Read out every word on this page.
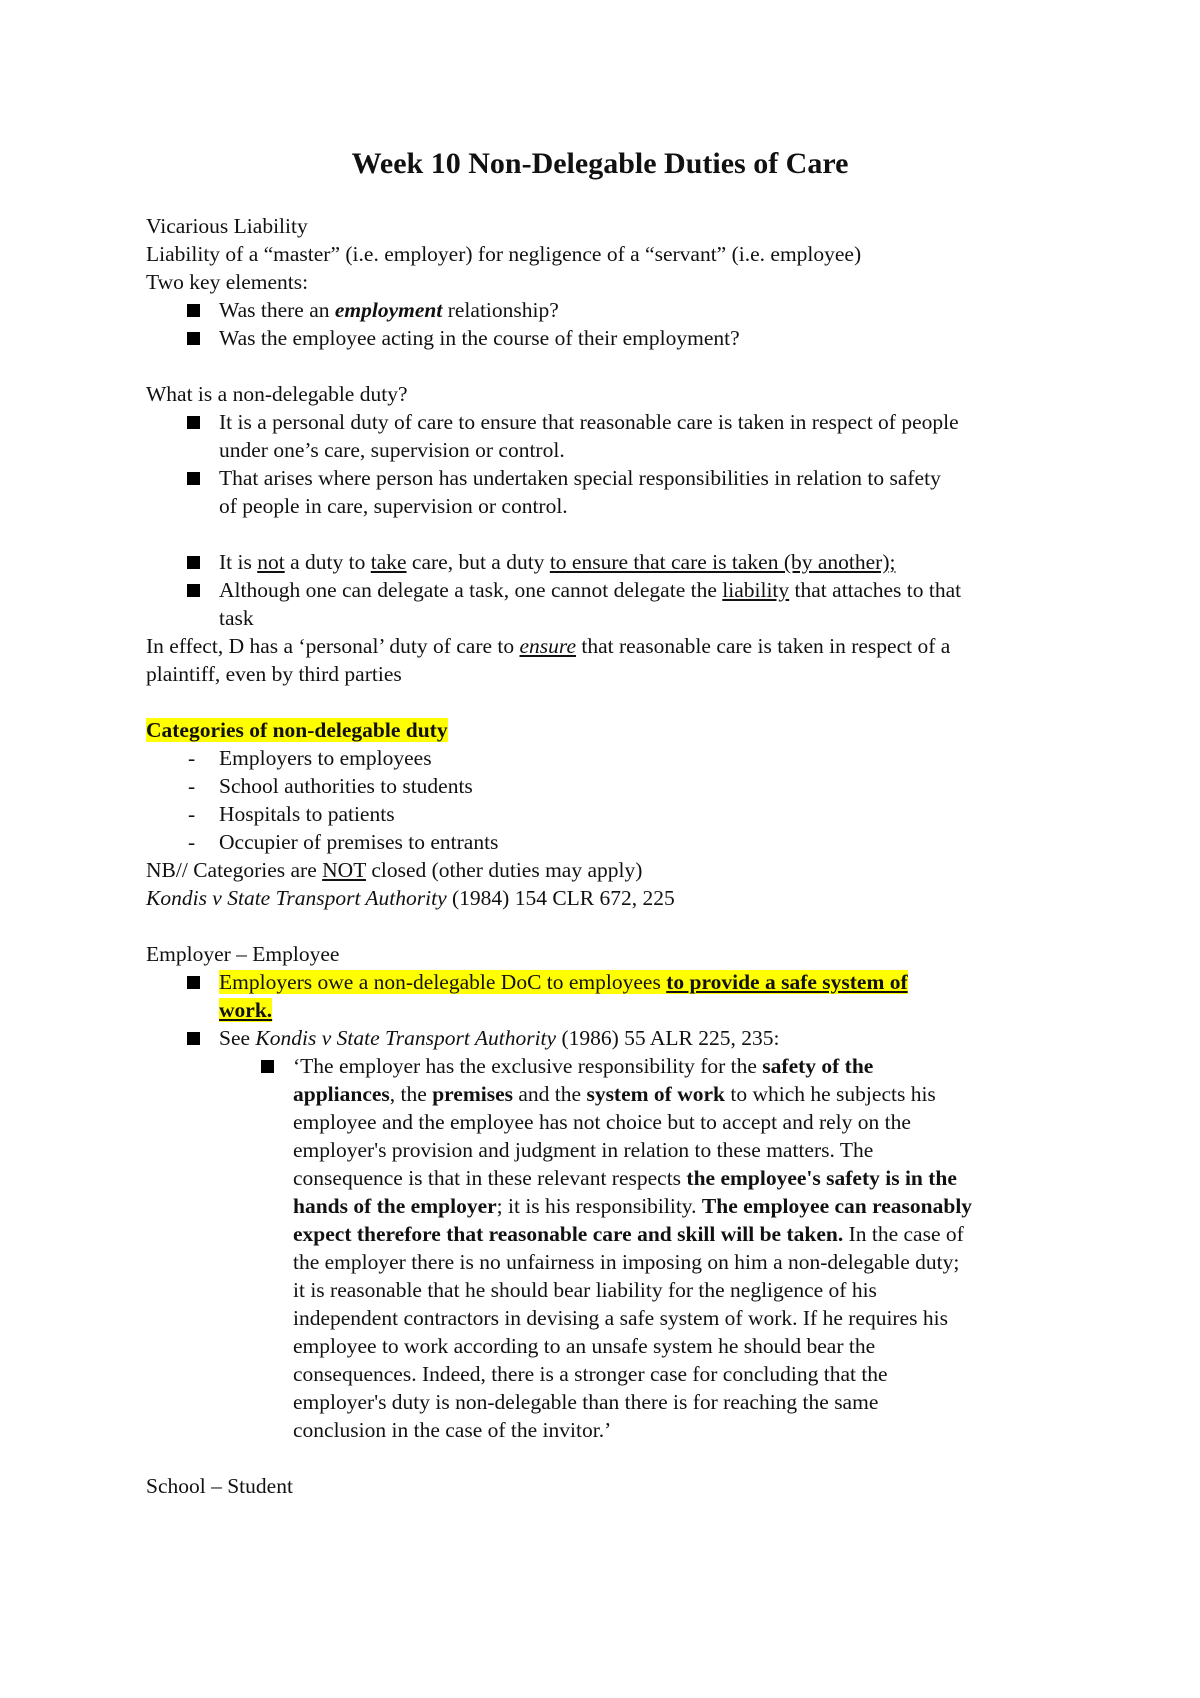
Week 10 Non-Delegable Duties of Care
Vicarious Liability
Liability of a “master” (i.e. employer) for negligence of a “servant” (i.e. employee)
Two key elements:
Was there an employment relationship?
Was the employee acting in the course of their employment?
What is a non-delegable duty?
It is a personal duty of care to ensure that reasonable care is taken in respect of people
under one’s care, supervision or control.
That arises where person has undertaken special responsibilities in relation to safety
of people in care, supervision or control.
It is not a duty to take care, but a duty to ensure that care is taken (by another);
Although one can delegate a task, one cannot delegate the liability that attaches to that
task
In effect, D has a ‘personal’ duty of care to ensure that reasonable care is taken in respect of a
plaintiff, even by third parties
Categories of non-delegable duty
- Employers to employees
- School authorities to students
- Hospitals to patients
- Occupier of premises to entrants
NB// Categories are NOT closed (other duties may apply)
Kondis v State Transport Authority (1984) 154 CLR 672, 225
Employer – Employee
Employers owe a non-delegable DoC to employees to provide a safe system of
work.
See Kondis v State Transport Authority (1986) 55 ALR 225, 235:
‘The employer has the exclusive responsibility for the safety of the
appliances, the premises and the system of work to which he subjects his
employee and the employee has not choice but to accept and rely on the
employer's provision and judgment in relation to these matters. The
consequence is that in these relevant respects the employee's safety is in the
hands of the employer; it is his responsibility. The employee can reasonably
expect therefore that reasonable care and skill will be taken. In the case of
the employer there is no unfairness in imposing on him a non-delegable duty;
it is reasonable that he should bear liability for the negligence of his
independent contractors in devising a safe system of work. If he requires his
employee to work according to an unsafe system he should bear the
consequences. Indeed, there is a stronger case for concluding that the
employer's duty is non-delegable than there is for reaching the same
conclusion in the case of the invitor.’
School – Student
